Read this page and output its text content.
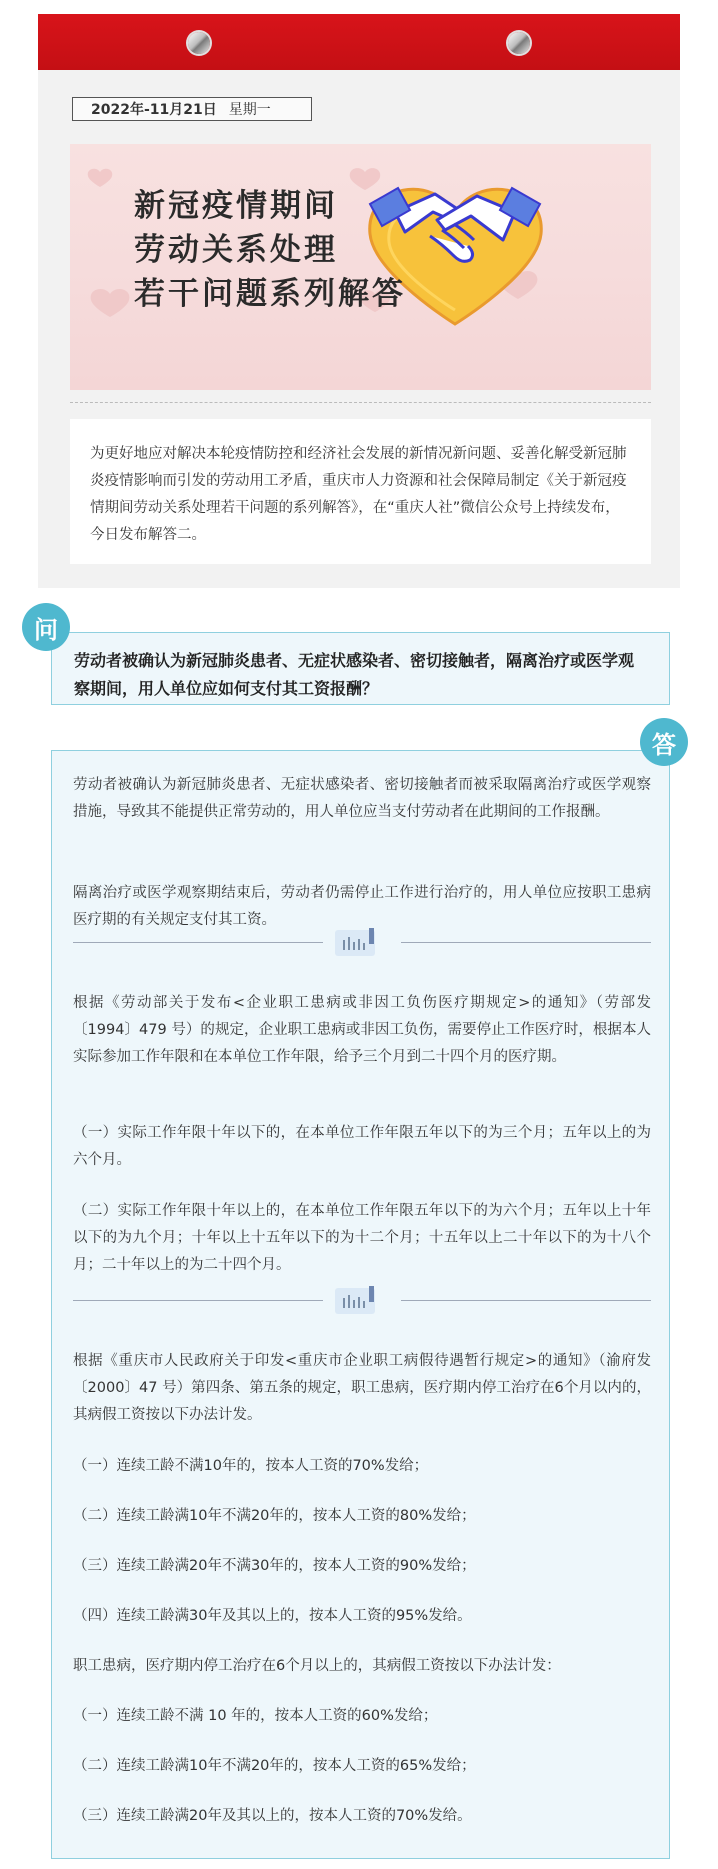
2022年-11月21日 星期一
新冠疫情期间
劳动关系处理
若干问题系列解答
为更好地应对解决本轮疫情防控和经济社会发展的新情况新问题、妥善化解受新冠肺炎疫情影响而引发的劳动用工矛盾，重庆市人力资源和社会保障局制定《关于新冠疫情期间劳动关系处理若干问题的系列解答》，在“重庆人社”微信公众号上持续发布，今日发布解答二。
劳动者被确认为新冠肺炎患者、无症状感染者、密切接触者，隔离治疗或医学观察期间，用人单位应如何支付其工资报酬？
问
答
劳动者被确认为新冠肺炎患者、无症状感染者、密切接触者而被采取隔离治疗或医学观察措施，导致其不能提供正常劳动的，用人单位应当支付劳动者在此期间的工作报酬。
隔离治疗或医学观察期结束后，劳动者仍需停止工作进行治疗的，用人单位应按职工患病医疗期的有关规定支付其工资。
根据《劳动部关于发布<企业职工患病或非因工负伤医疗期规定>的通知》（劳部发〔1994〕479 号）的规定，企业职工患病或非因工负伤，需要停止工作医疗时，根据本人实际参加工作年限和在本单位工作年限，给予三个月到二十四个月的医疗期。
（一）实际工作年限十年以下的，在本单位工作年限五年以下的为三个月；五年以上的为六个月。
（二）实际工作年限十年以上的，在本单位工作年限五年以下的为六个月；五年以上十年以下的为九个月；十年以上十五年以下的为十二个月；十五年以上二十年以下的为十八个月；二十年以上的为二十四个月。
根据《重庆市人民政府关于印发<重庆市企业职工病假待遇暂行规定>的通知》（渝府发〔2000〕47 号）第四条、第五条的规定，职工患病，医疗期内停工治疗在6个月以内的，其病假工资按以下办法计发。
（一）连续工龄不满10年的，按本人工资的70%发给；
（二）连续工龄满10年不满20年的，按本人工资的80%发给；
（三）连续工龄满20年不满30年的，按本人工资的90%发给；
（四）连续工龄满30年及其以上的，按本人工资的95%发给。
职工患病，医疗期内停工治疗在6个月以上的，其病假工资按以下办法计发：
（一）连续工龄不满 10 年的，按本人工资的60%发给；
（二）连续工龄满10年不满20年的，按本人工资的65%发给；
（三）连续工龄满20年及其以上的，按本人工资的70%发给。
